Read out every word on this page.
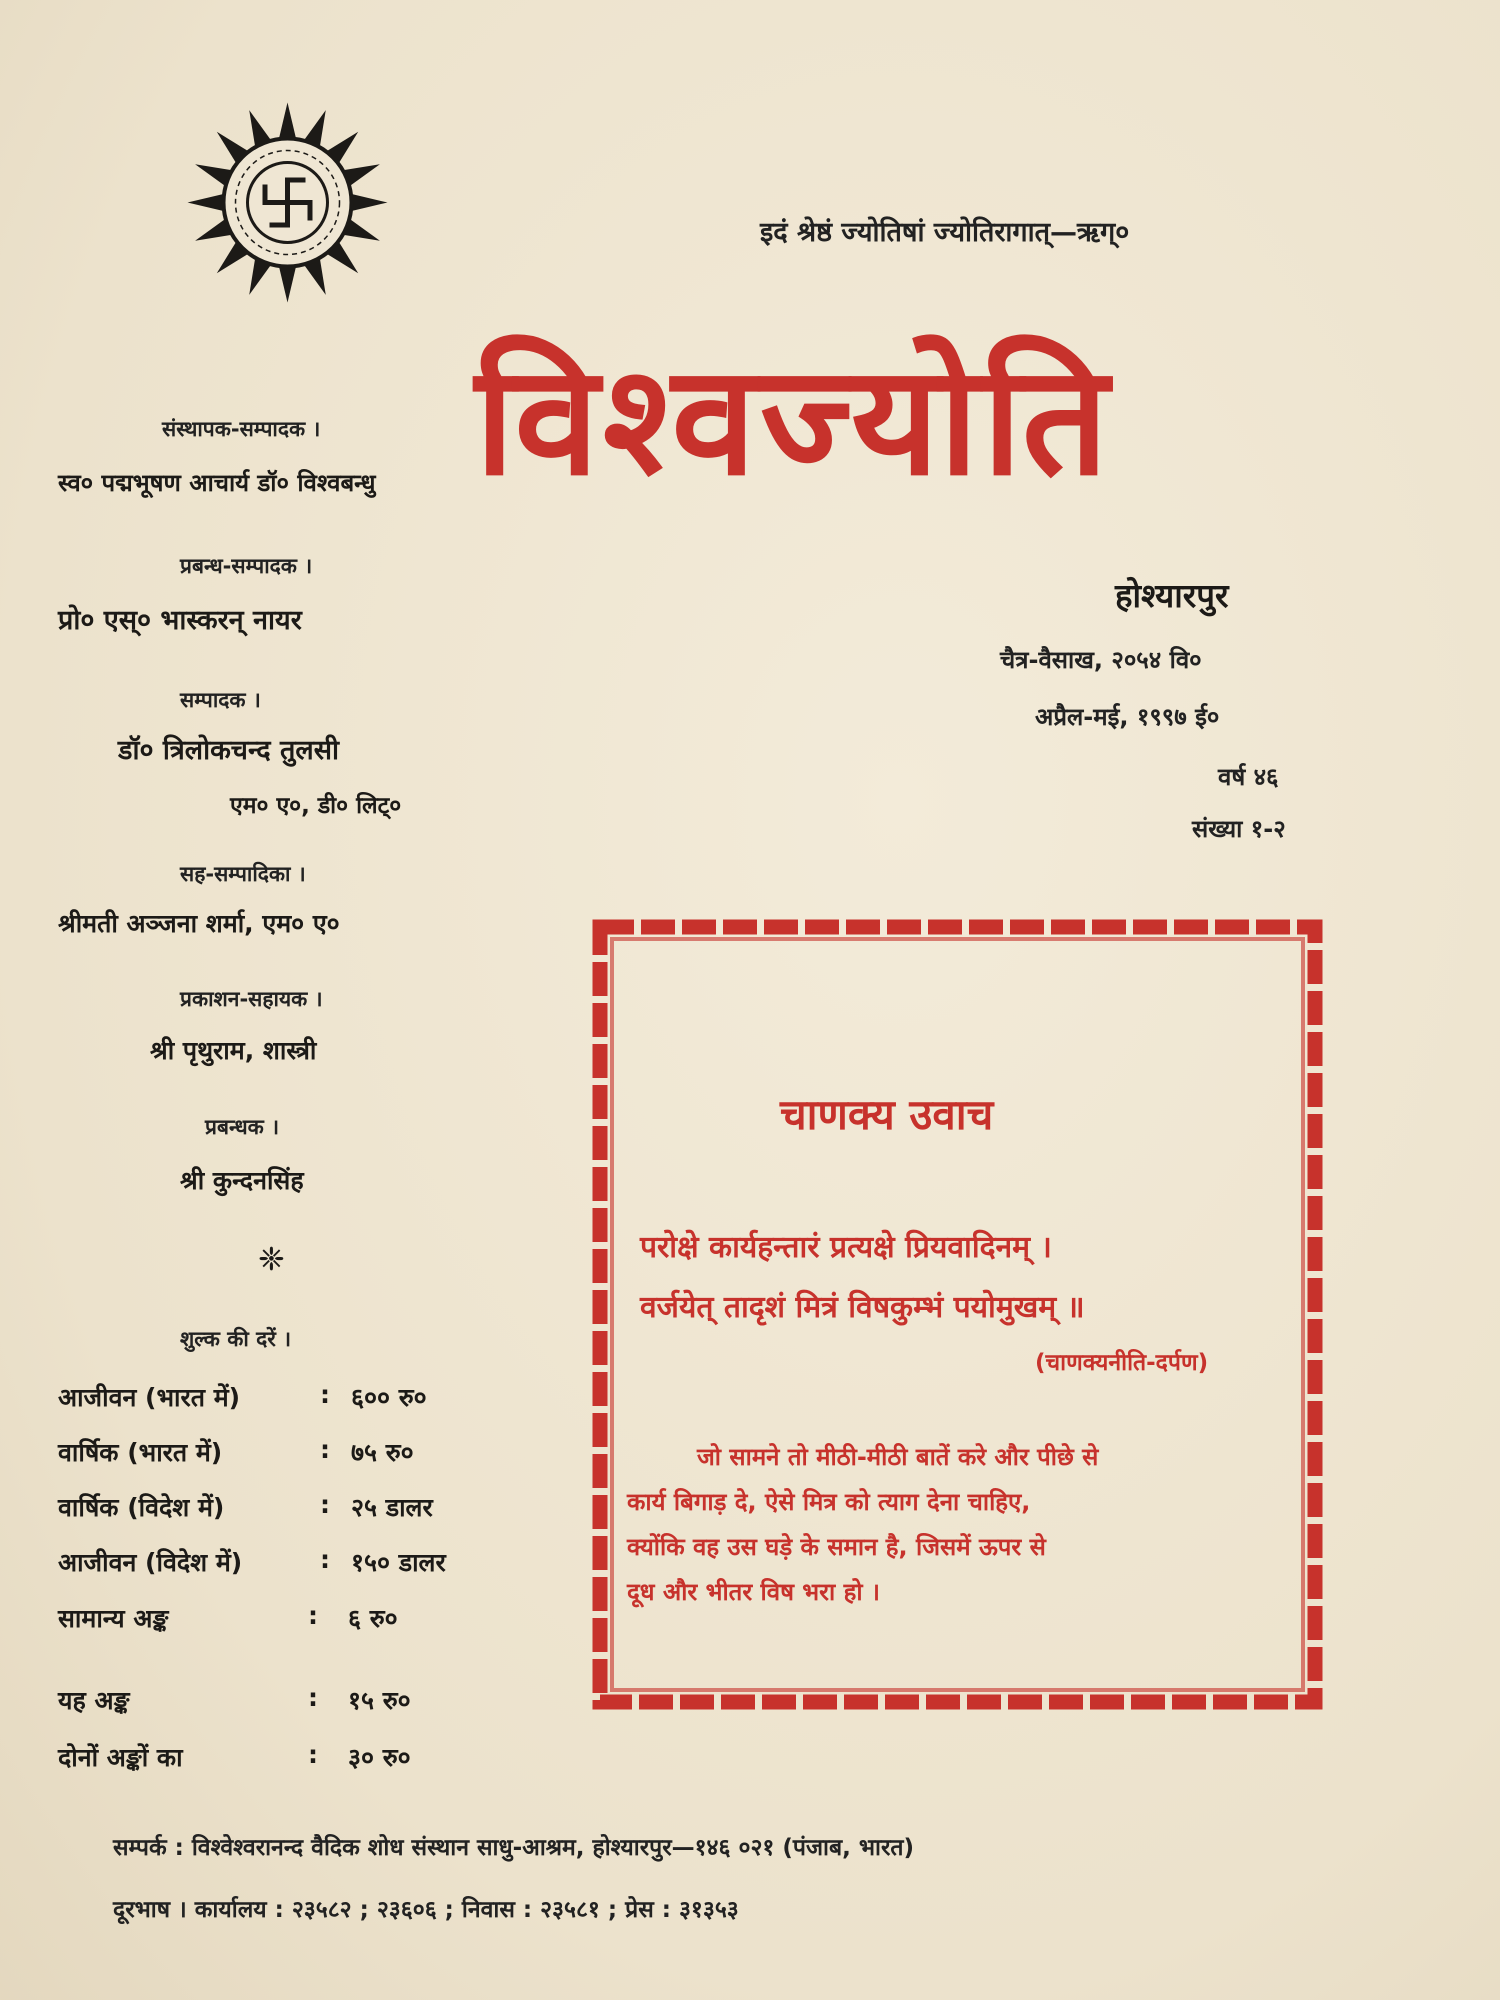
इदं श्रेष्ठं ज्योतिषां ज्योतिरागात्—ऋग्०
विश्वज्योति
होश्यारपुर
चैत्र-वैसाख, २०५४ वि०
अप्रैल-मई, १९९७ ई०
वर्ष ४६
संख्या १-२
संस्थापक-सम्पादक ।
स्व० पद्मभूषण आचार्य डॉ० विश्वबन्धु
प्रबन्ध-सम्पादक ।
प्रो० एस्० भास्करन् नायर
सम्पादक ।
डॉ० त्रिलोकचन्द तुलसी
एम० ए०, डी० लिट्०
सह-सम्पादिका ।
श्रीमती अञ्जना शर्मा, एम० ए०
प्रकाशन-सहायक ।
श्री पृथुराम, शास्त्री
प्रबन्धक ।
श्री कुन्दनसिंह
❈
शुल्क की दरें ।
आजीवन (भारत में)	: ६०० रु०
वार्षिक (भारत में)	: ७५ रु०
वार्षिक (विदेश में)	: २५ डालर
आजीवन (विदेश में)	: १५० डालर
सामान्य अङ्क	: ६ रु०
यह अङ्क	: १५ रु०
दोनों अङ्कों का	: ३० रु०
चाणक्य उवाच
परोक्षे कार्यहन्तारं प्रत्यक्षे प्रियवादिनम् ।
वर्जयेत् तादृशं मित्रं विषकुम्भं पयोमुखम् ॥
(चाणक्यनीति-दर्पण)
जो सामने तो मीठी-मीठी बातें करे और पीछे से
कार्य बिगाड़ दे, ऐसे मित्र को त्याग देना चाहिए,
क्योंकि वह उस घड़े के समान है, जिसमें ऊपर से
दूध और भीतर विष भरा हो ।
सम्पर्क : विश्वेश्वरानन्द वैदिक शोध संस्थान साधु-आश्रम, होश्यारपुर—१४६ ०२१ (पंजाब, भारत)
दूरभाष । कार्यालय : २३५८२ ; २३६०६ ; निवास : २३५८१ ; प्रेस : ३१३५३
